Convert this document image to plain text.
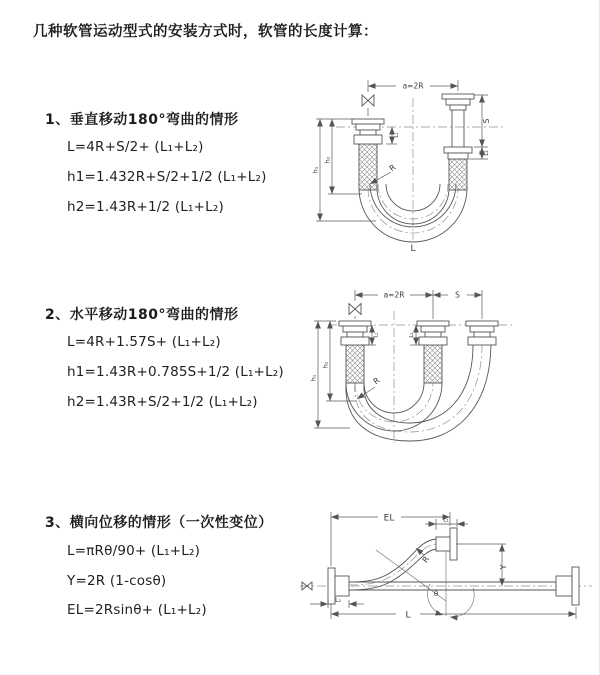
几种软管运动型式的安装方式时，软管的长度计算：
1、垂直移动180°弯曲的情形
L=4R+S/2+ (L₁+L₂)
h1=1.432R+S/2+1/2 (L₁+L₂)
h2=1.43R+1/2 (L₁+L₂)
2、水平移动180°弯曲的情形
L=4R+1.57S+ (L₁+L₂)
h1=1.43R+0.785S+1/2 (L₁+L₂)
h2=1.43R+S/2+1/2 (L₁+L₂)
3、横向位移的情形（一次性变位）
L=πRθ/90+ (L₁+L₂)
Y=2R (1-cosθ)
EL=2Rsinθ+ (L₁+L₂)
a=2R
S
L₂
L₁
h₁
h₂
R
L
a=2R	S
h₁
h₂
L₁	L₂
R
EL	L₁
Y
L
L₂
R
θ
